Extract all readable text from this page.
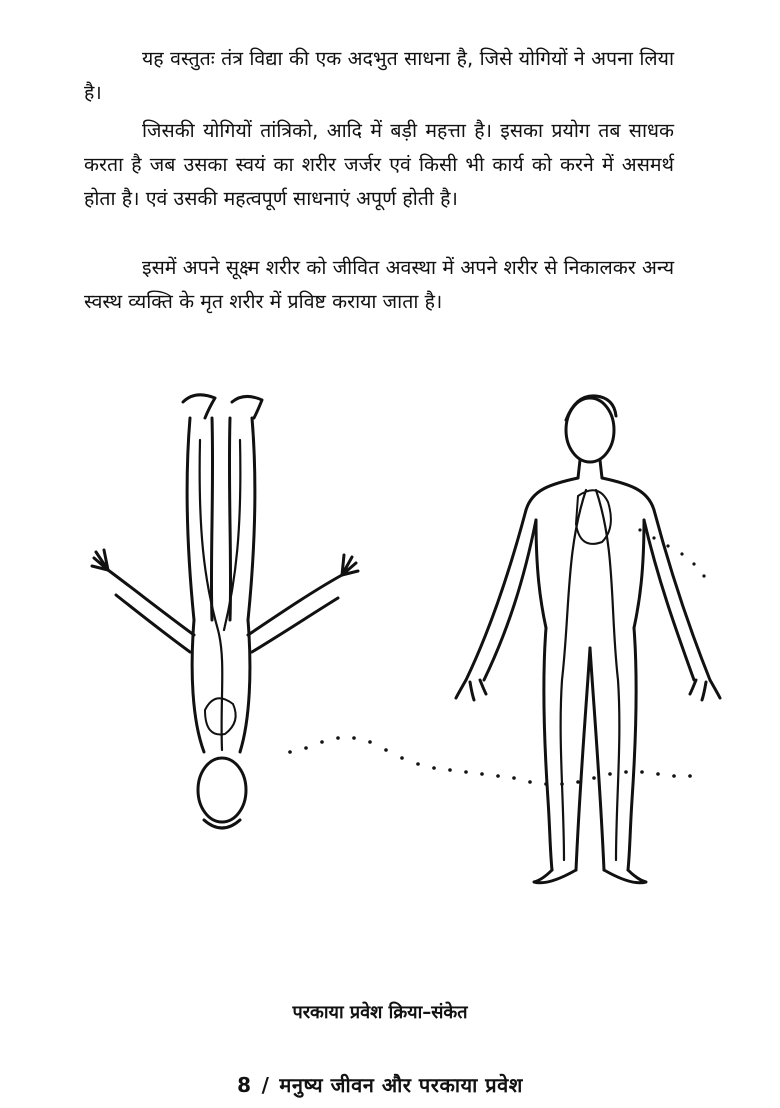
यह वस्तुतः तंत्र विद्या की एक अदभुत साधना है, जिसे योगियों ने अपना लिया है।

जिसकी योगियों तांत्रिको, आदि में बड़ी महत्ता है। इसका प्रयोग तब साधक करता है जब उसका स्वयं का शरीर जर्जर एवं किसी भी कार्य को करने में असमर्थ होता है। एवं उसकी महत्वपूर्ण साधनाएं अपूर्ण होती है।

इसमें अपने सूक्ष्म शरीर को जीवित अवस्था में अपने शरीर से निकालकर अन्य स्वस्थ व्यक्ति के मृत शरीर में प्रविष्ट कराया जाता है।

परकाया प्रवेश क्रिया–संकेत
8 / मनुष्य जीवन और परकाया प्रवेश
